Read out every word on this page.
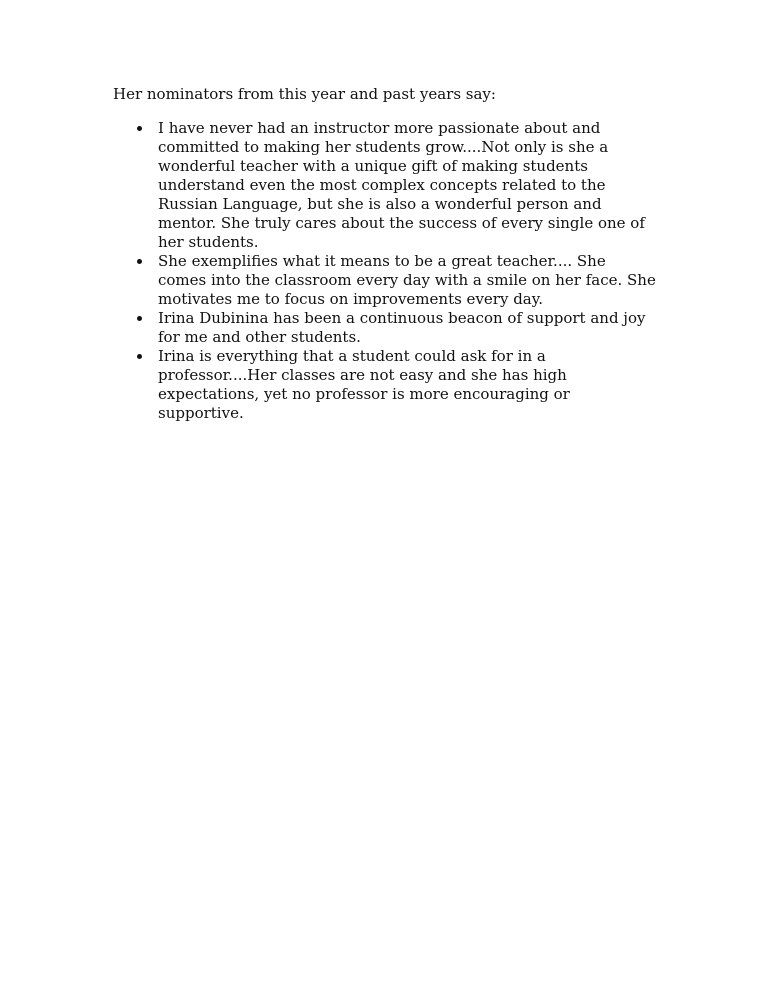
Her nominators from this year and past years say:

I have never had an instructor more passionate about and committed to making her students grow....Not only is she a wonderful teacher with a unique gift of making students understand even the most complex concepts related to the Russian Language, but she is also a wonderful person and mentor. She truly cares about the success of every single one of her students.
She exemplifies what it means to be a great teacher.... She comes into the classroom every day with a smile on her face. She motivates me to focus on improvements every day.
Irina Dubinina has been a continuous beacon of support and joy for me and other students.
Irina is everything that a student could ask for in a professor....Her classes are not easy and she has high expectations, yet no professor is more encouraging or supportive.
